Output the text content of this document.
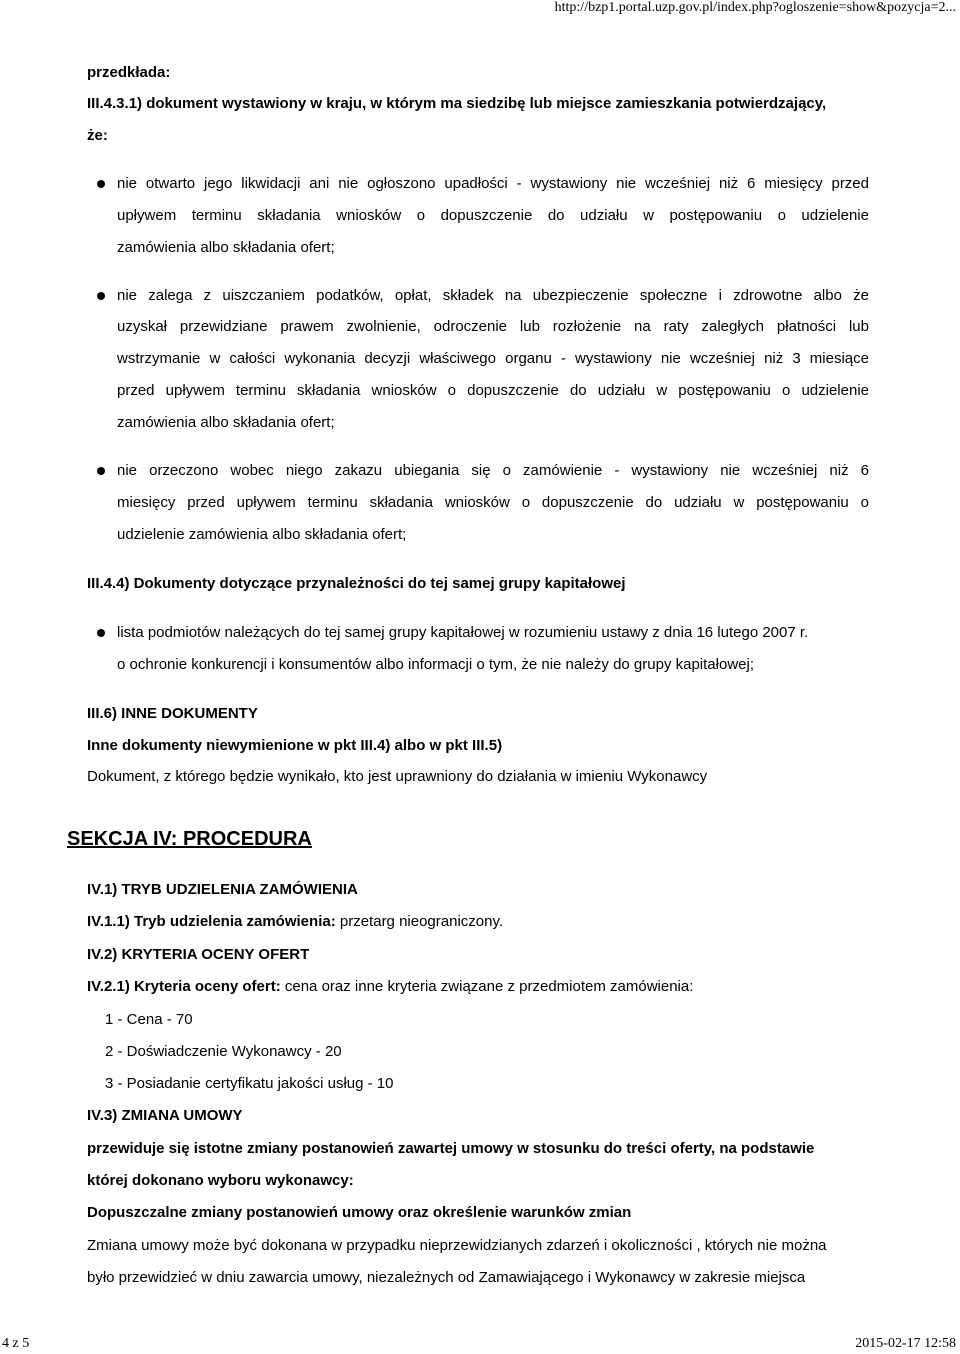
http://bzp1.portal.uzp.gov.pl/index.php?ogloszenie=show&pozycja=2...
przedkłada:
III.4.3.1) dokument wystawiony w kraju, w którym ma siedzibę lub miejsce zamieszkania potwierdzający,
że:
nie otwarto jego likwidacji ani nie ogłoszono upadłości - wystawiony nie wcześniej niż 6 miesięcy przed
upływem terminu składania wniosków o dopuszczenie do udziału w postępowaniu o udzielenie
zamówienia albo składania ofert;
nie zalega z uiszczaniem podatków, opłat, składek na ubezpieczenie społeczne i zdrowotne albo że
uzyskał przewidziane prawem zwolnienie, odroczenie lub rozłożenie na raty zaległych płatności lub
wstrzymanie w całości wykonania decyzji właściwego organu - wystawiony nie wcześniej niż 3 miesiące
przed upływem terminu składania wniosków o dopuszczenie do udziału w postępowaniu o udzielenie
zamówienia albo składania ofert;
nie orzeczono wobec niego zakazu ubiegania się o zamówienie - wystawiony nie wcześniej niż 6
miesięcy przed upływem terminu składania wniosków o dopuszczenie do udziału w postępowaniu o
udzielenie zamówienia albo składania ofert;
III.4.4) Dokumenty dotyczące przynależności do tej samej grupy kapitałowej
lista podmiotów należących do tej samej grupy kapitałowej w rozumieniu ustawy z dnia 16 lutego 2007 r.
o ochronie konkurencji i konsumentów albo informacji o tym, że nie należy do grupy kapitałowej;
III.6) INNE DOKUMENTY
Inne dokumenty niewymienione w pkt III.4) albo w pkt III.5)
Dokument, z którego będzie wynikało, kto jest uprawniony do działania w imieniu Wykonawcy
SEKCJA IV: PROCEDURA
IV.1) TRYB UDZIELENIA ZAMÓWIENIA
IV.1.1) Tryb udzielenia zamówienia: przetarg nieograniczony.
IV.2) KRYTERIA OCENY OFERT
IV.2.1) Kryteria oceny ofert: cena oraz inne kryteria związane z przedmiotem zamówienia:
1 - Cena - 70
2 - Doświadczenie Wykonawcy - 20
3 - Posiadanie certyfikatu jakości usług - 10
IV.3) ZMIANA UMOWY
przewiduje się istotne zmiany postanowień zawartej umowy w stosunku do treści oferty, na podstawie
której dokonano wyboru wykonawcy:
Dopuszczalne zmiany postanowień umowy oraz określenie warunków zmian
Zmiana umowy może być dokonana w przypadku nieprzewidzianych zdarzeń i okoliczności , których nie można
było przewidzieć w dniu zawarcia umowy, niezależnych od Zamawiającego i Wykonawcy w zakresie miejsca
4 z 5	2015-02-17 12:58
